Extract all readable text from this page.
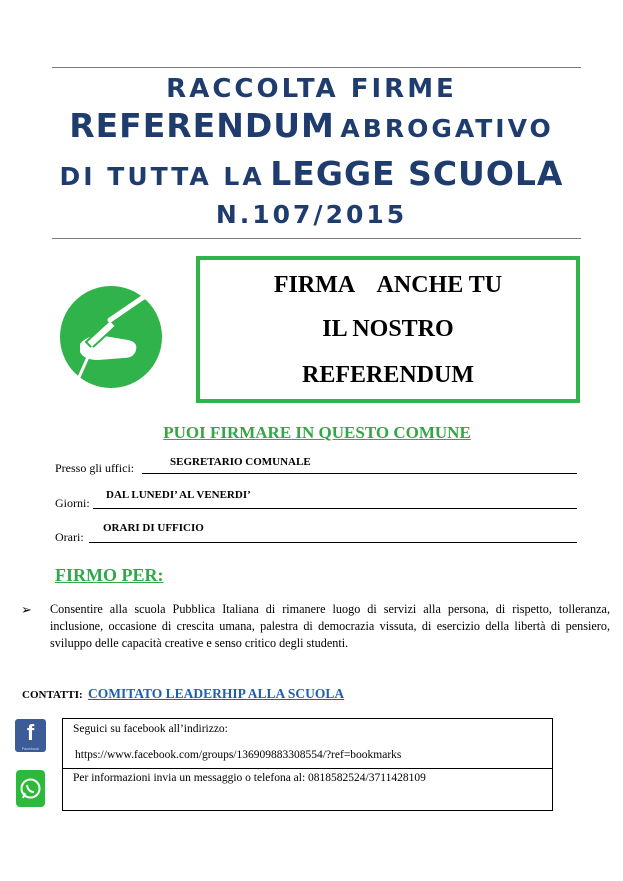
RACCOLTA FIRME
REFERENDUM ABROGATIVO
DI TUTTA LA LEGGE SCUOLA
N.107/2015
FIRMA    ANCHE TU
IL NOSTRO
REFERENDUM
PUOI FIRMARE IN QUESTO COMUNE
Presso gli uffici:	SEGRETARIO COMUNALE
Giorni:
DAL LUNEDI’ AL VENERDI’
Orari:
ORARI DI UFFICIO
FIRMO PER:
➢ Consentire alla scuola Pubblica Italiana di rimanere luogo di servizi alla persona, di rispetto, tolleranza, inclusione, occasione di crescita umana, palestra di democrazia vissuta, di esercizio della libertà di pensiero, sviluppo delle capacità creative e senso critico degli studenti.
CONTATTI: COMITATO LEADERHIP ALLA SCUOLA
f
Facebook
Seguici su facebook all’indirizzo:
https://www.facebook.com/groups/1369098833085​54/?ref=bookmarks
Per informazioni invia un messaggio o telefona al: 0818582524/3711428109
